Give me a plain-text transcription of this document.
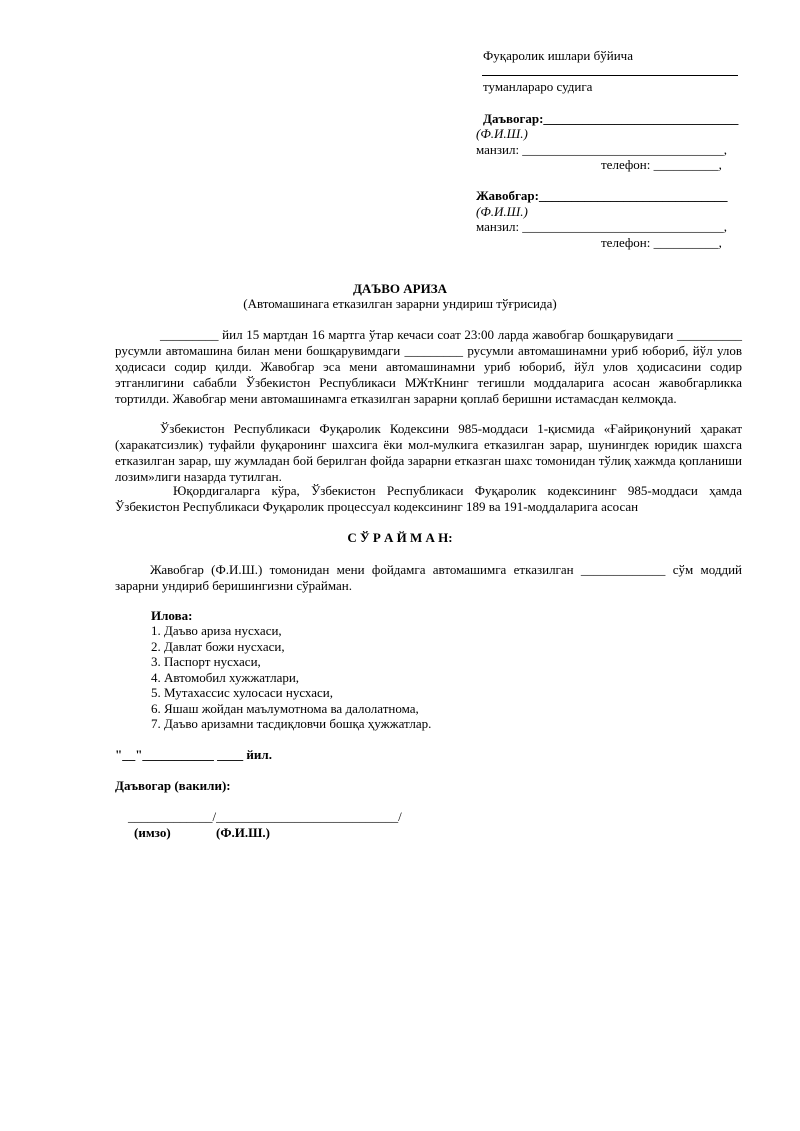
Фуқаролик ишлари бўйича
туманлараро судига
Даъвогар:______________________________
(Ф.И.Ш.)
манзил: _______________________________,
телефон: __________,
Жавобгар:_____________________________
(Ф.И.Ш.)
манзил: _______________________________,
телефон: __________,
ДАЪВО АРИЗА
(Автомашинага етказилган зарарни ундириш тўғрисида)
_________ йил 15 мартдан 16 мартга ўтар кечаси соат 23:00 ларда жавобгар бошқарувидаги __________ русумли автомашина билан мени бошқарувимдаги _________ русумли автомашинамни уриб юбориб, йўл улов ҳодисаси содир қилди. Жавобгар эса мени автомашинамни уриб юбориб, йўл улов ҳодисасини содир этганлигини сабабли Ўзбекистон Республикаси МЖтКнинг тегишли моддаларига асосан жавобгарликка тортилди. Жавобгар мени автомашинамга етказилган зарарни қоплаб беришни истамасдан келмоқда.
Ўзбекистон Республикаси Фуқаролик Кодексини 985-моддаси 1-қисмида «Ғайриқонуний ҳаракат (харакатсизлик) туфайли фуқаронинг шахсига ёки мол-мулкига етказилган зарар, шунингдек юридик шахсга етказилган зарар, шу жумладан бой берилган фойда зарарни етказган шахс томонидан тўлиқ хажмда қопланиши лозим»лиги назарда тутилган.
Юқордигаларга кўра, Ўзбекистон Республикаси Фуқаролик кодексининг 985-моддаси ҳамда Ўзбекистон Республикаси Фуқаролик процессуал кодексининг 189 ва 191-моддаларига асосан
С Ў Р А Й М А Н:
Жавобгар (Ф.И.Ш.) томонидан мени фойдамга автомашимга етказилган _____________ сўм моддий зарарни ундириб беришингизни сўрайман.
Илова:
1. Даъво ариза нусхаси,
2. Давлат божи нусхаси,
3. Паспорт нусхаси,
4. Автомобил хужжатлари,
5. Мутахассис хулосаси нусхаси,
6. Яшаш жойдан маълумотнома ва далолатнома,
7. Даъво аризамни тасдиқловчи бошқа ҳужжатлар.
"__"___________ ____ йил.
Даъвогар (вакили):
_____________/____________________________/
(имзо)	(Ф.И.Ш.)
